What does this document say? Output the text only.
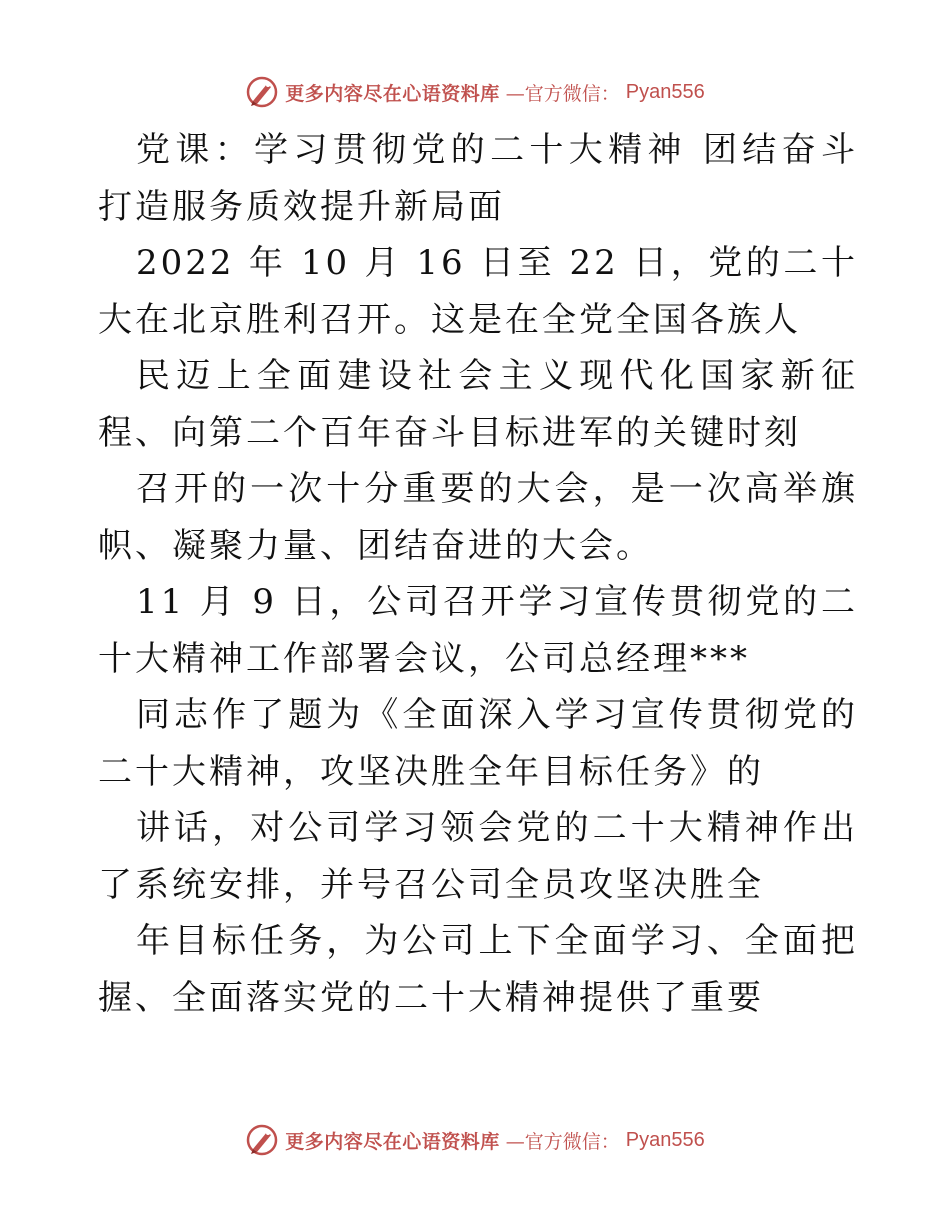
更多内容尽在心语资料库 —官方微信： Pyan556

党课：学习贯彻党的二十大精神 团结奋斗 打造服务质效提升新局面

2022 年 10 月 16 日至 22 日，党的二十大在北京胜利召开。这是在全党全国各族人

民迈上全面建设社会主义现代化国家新征程、向第二个百年奋斗目标进军的关键时刻

召开的一次十分重要的大会，是一次高举旗帜、凝聚力量、团结奋进的大会。

11 月 9 日，公司召开学习宣传贯彻党的二十大精神工作部署会议，公司总经理***

同志作了题为《全面深入学习宣传贯彻党的二十大精神，攻坚决胜全年目标任务》的

讲话，对公司学习领会党的二十大精神作出了系统安排，并号召公司全员攻坚决胜全

年目标任务，为公司上下全面学习、全面把握、全面落实党的二十大精神提供了重要

更多内容尽在心语资料库 —官方微信： Pyan556
